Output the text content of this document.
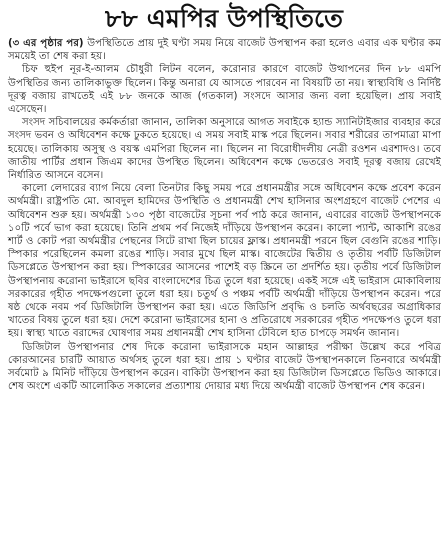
৮৮ এমপির উপস্থিতিতে

(৩ এর পৃষ্ঠার পর) উপস্থিতিতে প্রায় দুই ঘণ্টা সময় নিয়ে বাজেট উপস্থাপন করা হলেও এবার এক ঘণ্টার কম সময়েই তা শেষ করা হয়।

চিফ হুইপ নূর-ই-আলম চৌধুরী লিটন বলেন, করোনার কারণে বাজেট উত্থাপনের দিন ৮৮ এমপি উপস্থিতির জন্য তালিকাভুক্ত ছিলেন। কিন্তু অনারা যে আসতে পারবেন না বিষয়টি তা নয়। স্বাস্থ্যবিধি ও নির্দিষ্ট দূরত্ব বজায় রাখতেই এই ৮৮ জনকে আজ (গতকাল) সংসদে আসার জন্য বলা হয়েছিল। প্রায় সবাই এসেছেন।

সংসদ সচিবালয়ের কর্মকর্তারা জানান, তালিকা অনুসারে আগত সবাইকে হ্যান্ড স্যানিটাইজার ব্যবহার করে সংসদ ভবন ও অধিবেশন কক্ষে ঢুকতে হয়েছে। এ সময় সবাই মাস্ক পরে ছিলেন। সবার শরীরের তাপমাত্রা মাপা হয়েছে। তালিকায় অসুস্থ ও বয়স্ক এমপিরা ছিলেন না। ছিলেন না বিরোধীদলীয় নেত্রী রওশন এরশাদও। তবে জাতীয় পার্টির প্রধান জিএম কাদের উপস্থিত ছিলেন। অধিবেশন কক্ষে ভেতরেও সবাই দূরত্ব বজায় রেখেই নির্ধারিত আসনে বসেন।

কালো লেদারের ব্যাগ নিয়ে বেলা তিনটার কিছু সময় পরে প্রধানমন্ত্রীর সঙ্গে অধিবেশন কক্ষে প্রবেশ করেন অর্থমন্ত্রী। রাষ্ট্রপতি মো. আবদুল হামিদের উপস্থিতি ও প্রধানমন্ত্রী শেখ হাসিনার অংশগ্রহণে বাজেট পেশের এ অধিবেশন শুরু হয়। অর্থমন্ত্রী ১৩০ পৃষ্ঠা বাজেটের সূচনা পর্ব পাঠ করে জানান, এবারের বাজেট উপস্থাপনকে ১০টি পর্বে ভাগ করা হয়েছে। তিনি প্রথম পর্ব নিজেই দাঁড়িয়ে উপস্থাপন করেন। কালো প্যান্ট, আকাশি রঙের শার্ট ও কোট পরা অর্থমন্ত্রীর পেছনের সিটে রাখা ছিল চায়ের ফ্লাস্ক। প্রধানমন্ত্রী পরনে ছিল বেগুনি রঙের শাড়ি। স্পিকার পরেছিলেন কমলা রঙের শাড়ি। সবার মুখে ছিল মাস্ক। বাজেটের দ্বিতীয় ও তৃতীয় পর্বটি ডিজিটাল ডিসপ্লেতে উপস্থাপন করা হয়। স্পিকারের আসনের পাশেই বড় স্ক্রিনে তা প্রদর্শিত হয়। তৃতীয় পর্বে ডিজিটাল উপস্থাপনায় করোনা ভাইরাসে ছবির বাংলাদেশের চিত্র তুলে ধরা হয়েছে। একই সঙ্গে এই ভাইরাস মোকাবিলায় সরকারের গৃহীত পদক্ষেপগুলো তুলে ধরা হয়। চতুর্থ ও পঞ্চম পর্বটি অর্থমন্ত্রী দাঁড়িয়ে উপস্থাপন করেন। পরে ষষ্ঠ থেকে নবম পর্ব ডিজিটালি উপস্থাপন করা হয়। এতে জিডিপি প্রবৃদ্ধি ও চলতি অর্থবছরের অগ্রাধিকার খাতের বিষয় তুলে ধরা হয়। দেশে করোনা ভাইরাসের হানা ও প্রতিরোধে সরকারের গৃহীত পদক্ষেপও তুলে ধরা হয়। স্বাস্থ্য খাতে বরাদ্দের ঘোষণার সময় প্রধানমন্ত্রী শেখ হাসিনা টেবিলে হাত চাপড়ে সমর্থন জানান।

ডিজিটাল উপস্থাপনার শেষ দিকে করোনা ভাইরাসকে মহান আল্লাহর পরীক্ষা উল্লেখ করে পবিত্র কোরআনের চারটি আয়াত অর্থসহ তুলে ধরা হয়। প্রায় ১ ঘণ্টার বাজেট উপস্থাপনকালে তিনবারে অর্থমন্ত্রী সর্বমোট ৯ মিনিট দাঁড়িয়ে উপস্থাপন করেন। বাকিটা উপস্থাপন করা হয় ডিজিটাল ডিসপ্লেতে ভিডিও আকারে। শেষ অংশে একটি আলোকিত সকালের প্রত্যাশায় দোয়ার মধ্য দিয়ে অর্থমন্ত্রী বাজেট উপস্থাপন শেষ করেন।
